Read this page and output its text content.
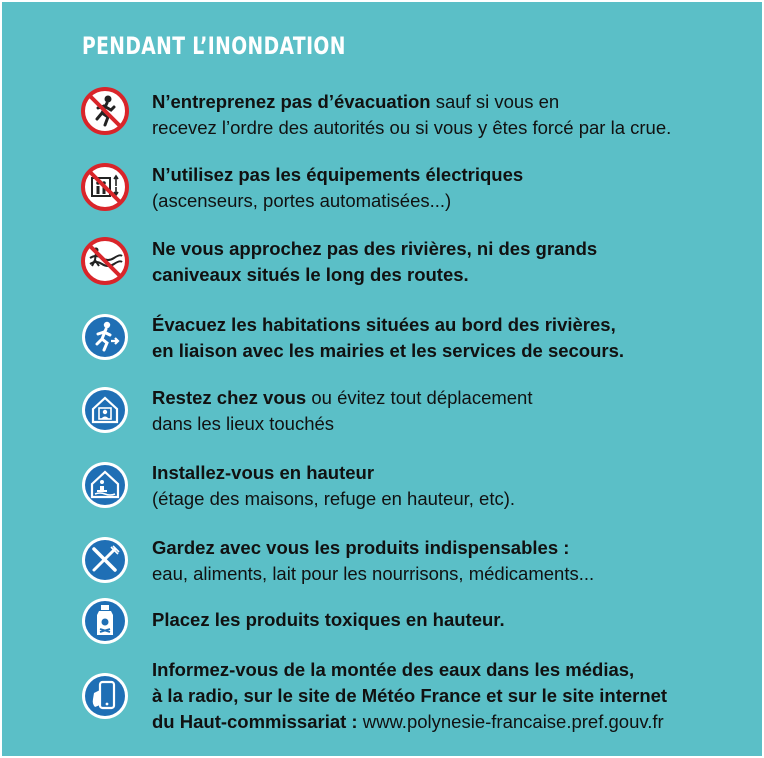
PENDANT L’INONDATION
N’entreprenez pas d’évacuation sauf si vous en
recevez l’ordre des autorités ou si vous y êtes forcé par la crue.
N’utilisez pas les équipements électriques
(ascenseurs, portes automatisées...)
Ne vous approchez pas des rivières, ni des grands
caniveaux situés le long des routes.
Évacuez les habitations situées au bord des rivières,
en liaison avec les mairies et les services de secours.
Restez chez vous ou évitez tout déplacement
dans les lieux touchés
Installez-vous en hauteur
(étage des maisons, refuge en hauteur, etc).
Gardez avec vous les produits indispensables :
eau, aliments, lait pour les nourrisons, médicaments...
Placez les produits toxiques en hauteur.
Informez-vous de la montée des eaux dans les médias,
à la radio, sur le site de Météo France et sur le site internet
du Haut-commissariat : www.polynesie-francaise.pref.gouv.fr
